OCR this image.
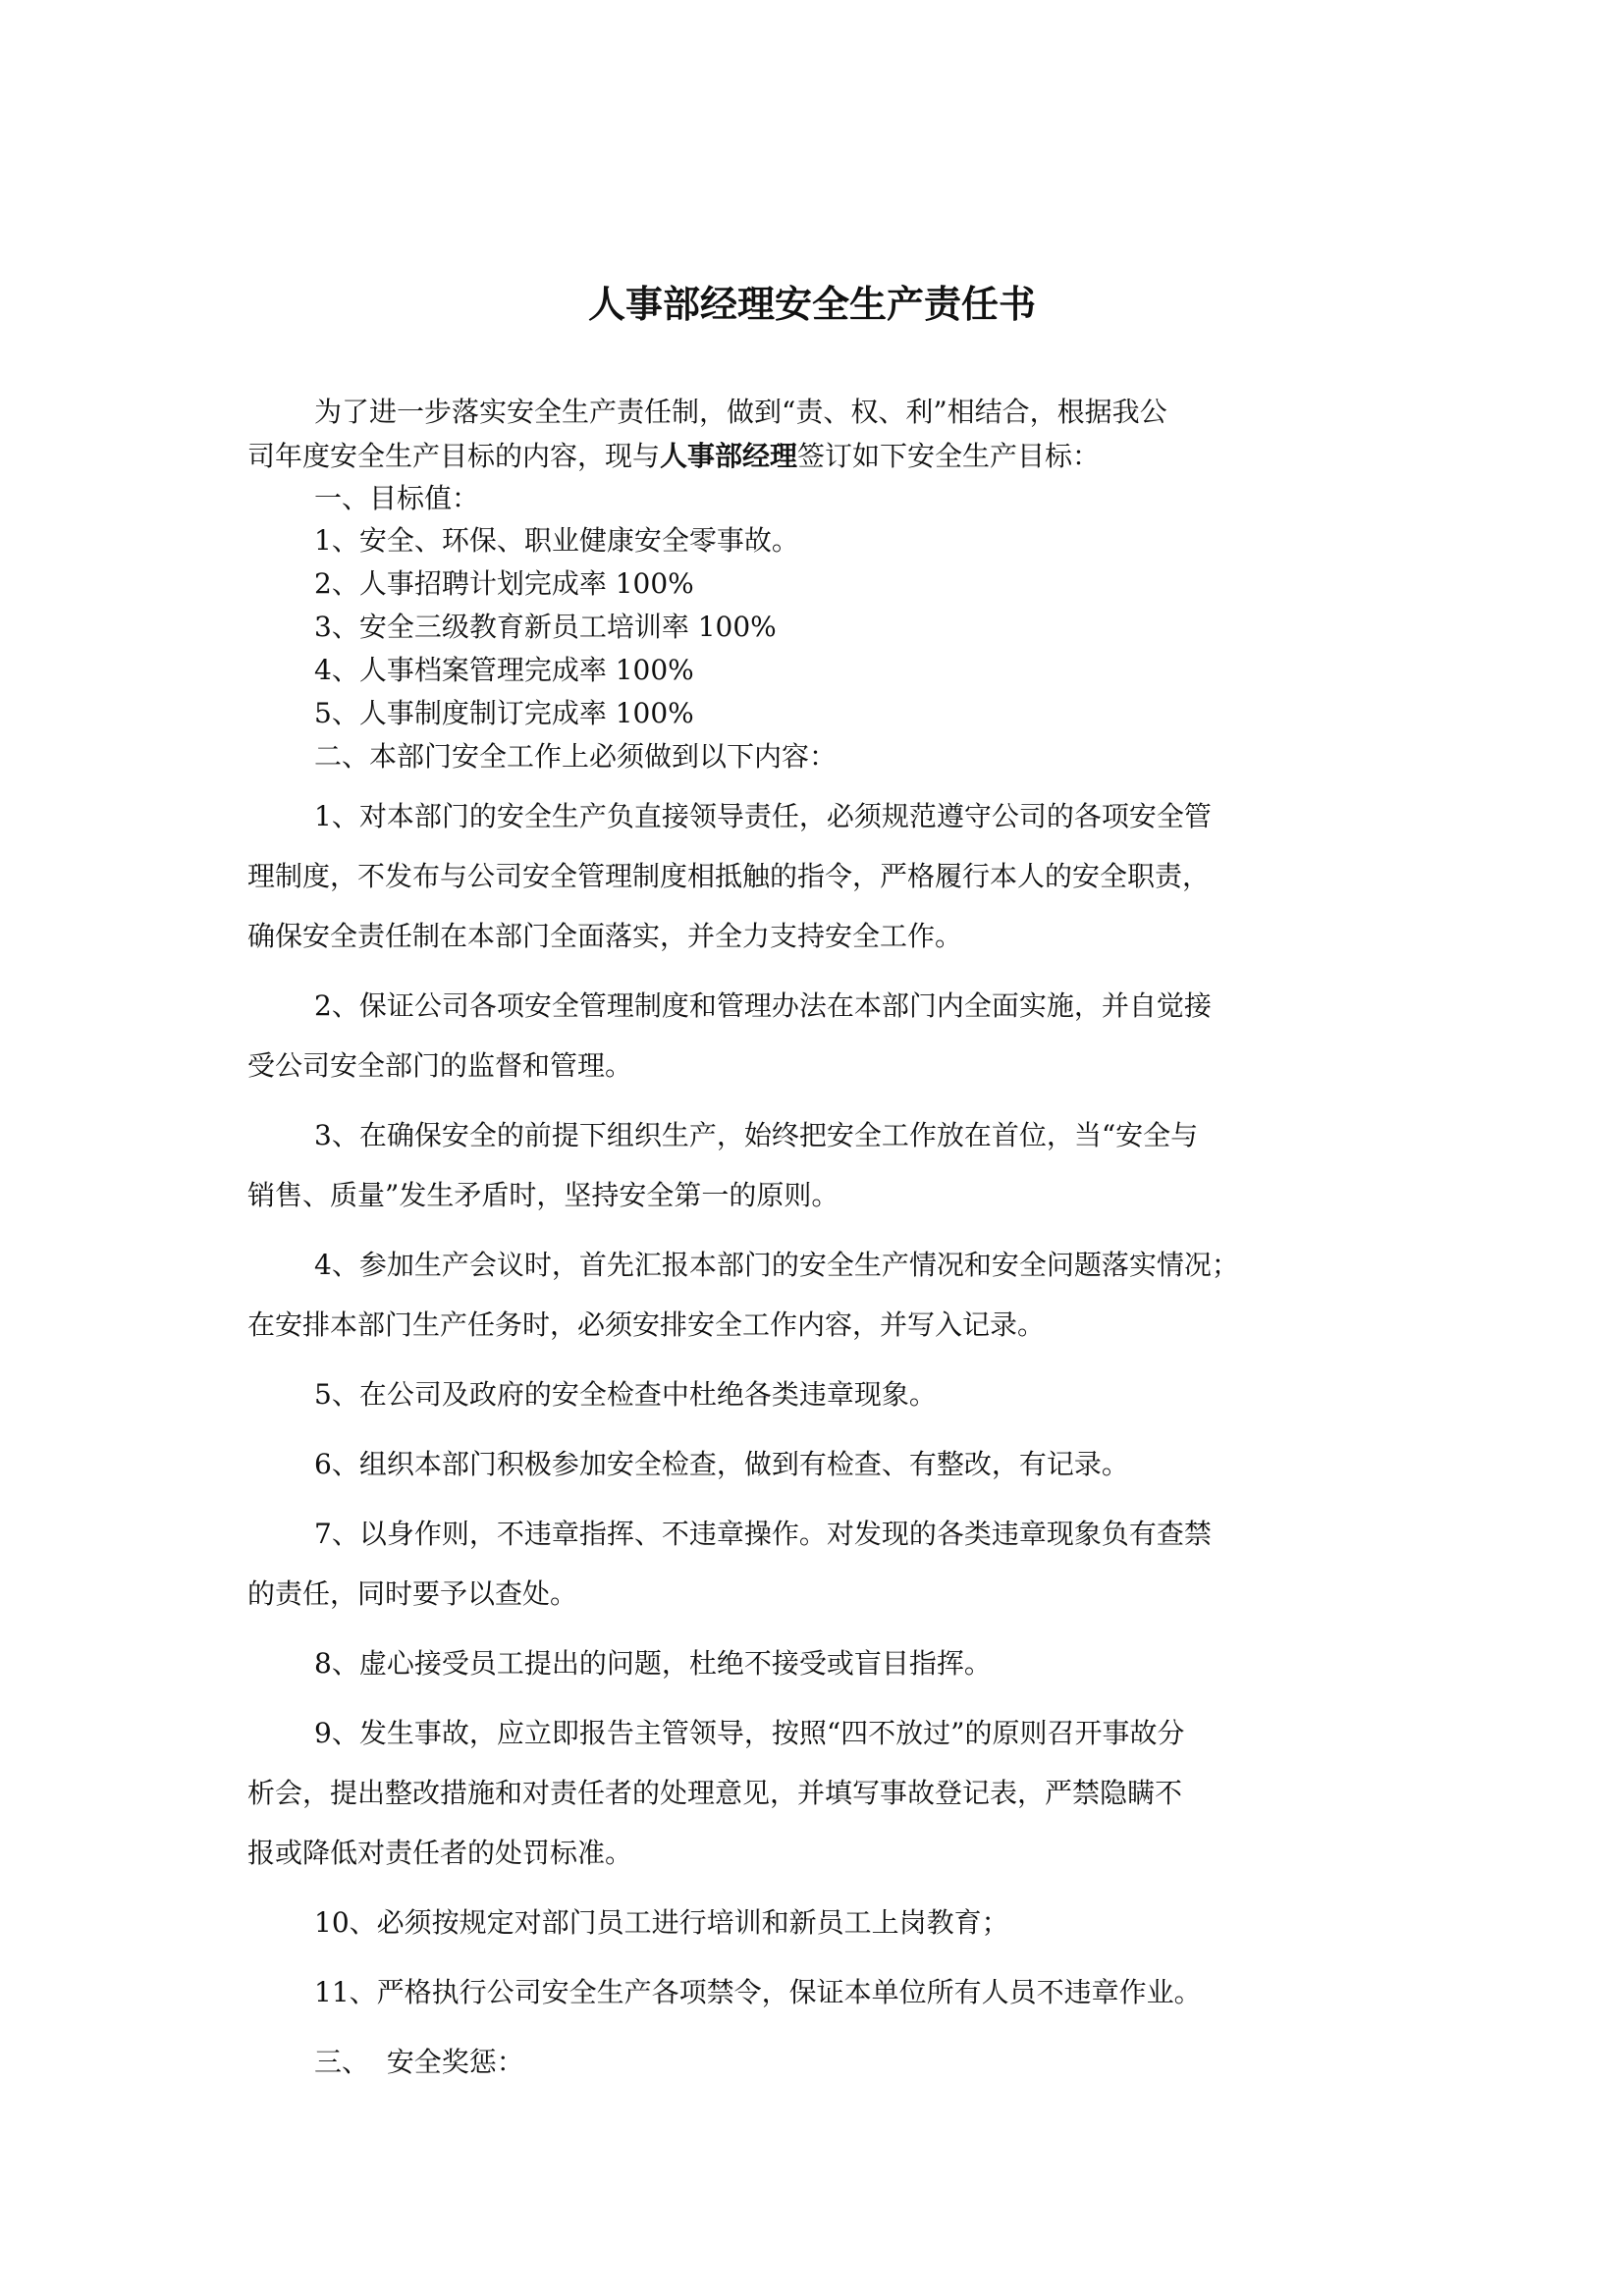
人事部经理安全生产责任书

为了进一步落实安全生产责任制，做到“责、权、利”相结合，根据我公

司年度安全生产目标的内容，现与人事部经理签订如下安全生产目标：

一、目标值：

1、安全、环保、职业健康安全零事故。

2、人事招聘计划完成率 100%

3、安全三级教育新员工培训率 100%

4、人事档案管理完成率 100%

5、人事制度制订完成率 100%

二、本部门安全工作上必须做到以下内容：

1、对本部门的安全生产负直接领导责任，必须规范遵守公司的各项安全管

理制度，不发布与公司安全管理制度相抵触的指令，严格履行本人的安全职责，

确保安全责任制在本部门全面落实，并全力支持安全工作。

2、保证公司各项安全管理制度和管理办法在本部门内全面实施，并自觉接

受公司安全部门的监督和管理。

3、在确保安全的前提下组织生产，始终把安全工作放在首位，当“安全与

销售、质量”发生矛盾时，坚持安全第一的原则。

4、参加生产会议时，首先汇报本部门的安全生产情况和安全问题落实情况；

在安排本部门生产任务时，必须安排安全工作内容，并写入记录。

5、在公司及政府的安全检查中杜绝各类违章现象。

6、组织本部门积极参加安全检查，做到有检查、有整改，有记录。

7、以身作则，不违章指挥、不违章操作。对发现的各类违章现象负有查禁

的责任，同时要予以查处。

8、虚心接受员工提出的问题，杜绝不接受或盲目指挥。

9、发生事故，应立即报告主管领导，按照“四不放过”的原则召开事故分

析会，提出整改措施和对责任者的处理意见，并填写事故登记表，严禁隐瞒不

报或降低对责任者的处罚标准。

10、必须按规定对部门员工进行培训和新员工上岗教育；

11、严格执行公司安全生产各项禁令，保证本单位所有人员不违章作业。

三、  安全奖惩：
